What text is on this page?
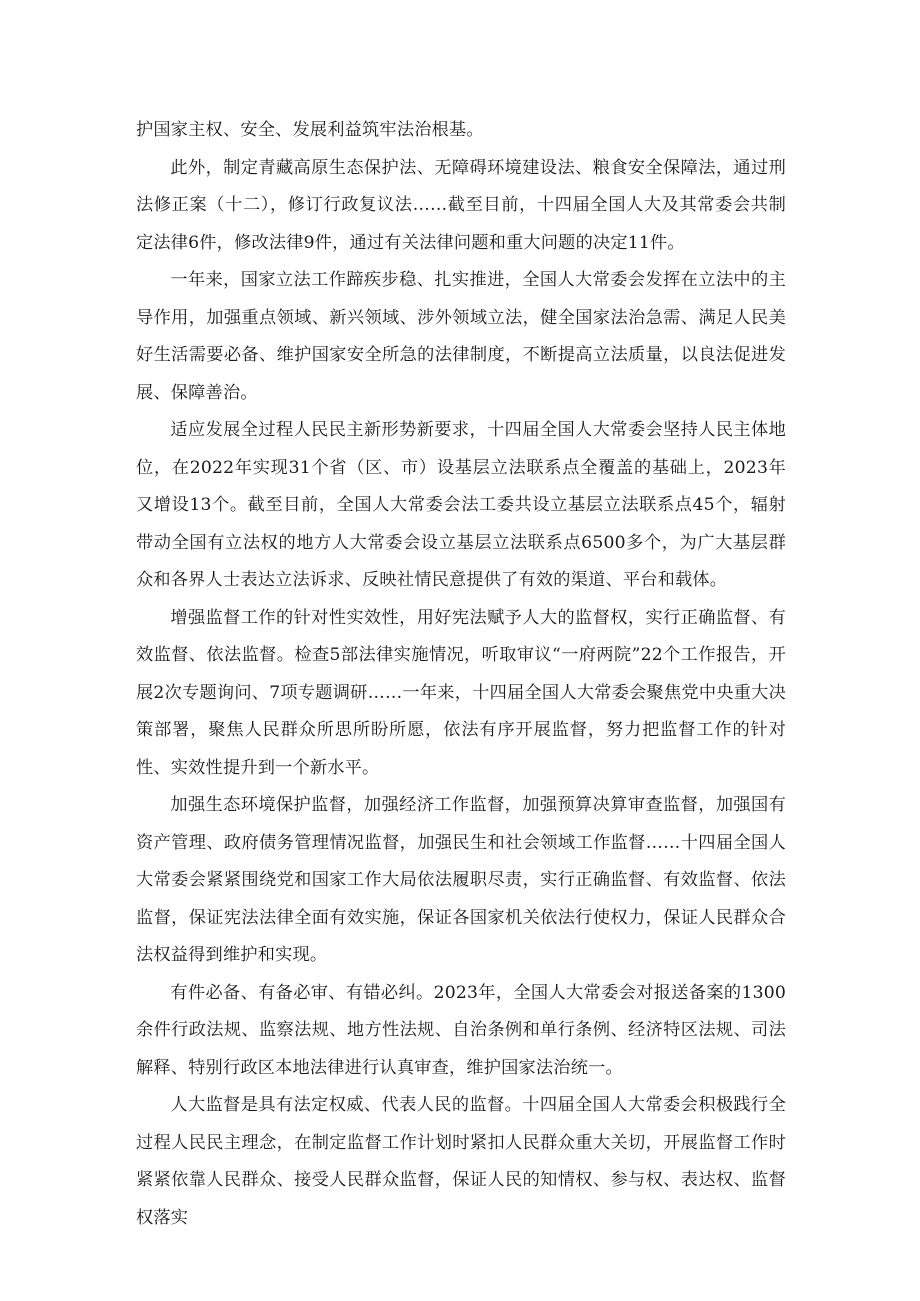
护国家主权、安全、发展利益筑牢法治根基。

此外，制定青藏高原生态保护法、无障碍环境建设法、粮食安全保障法，通过刑法修正案（十二），修订行政复议法……截至目前，十四届全国人大及其常委会共制定法律6件，修改法律9件，通过有关法律问题和重大问题的决定11件。

一年来，国家立法工作蹄疾步稳、扎实推进，全国人大常委会发挥在立法中的主导作用，加强重点领域、新兴领域、涉外领域立法，健全国家法治急需、满足人民美好生活需要必备、维护国家安全所急的法律制度，不断提高立法质量，以良法促进发展、保障善治。

适应发展全过程人民民主新形势新要求，十四届全国人大常委会坚持人民主体地位，在2022年实现31个省（区、市）设基层立法联系点全覆盖的基础上，2023年又增设13个。截至目前，全国人大常委会法工委共设立基层立法联系点45个，辐射带动全国有立法权的地方人大常委会设立基层立法联系点6500多个，为广大基层群众和各界人士表达立法诉求、反映社情民意提供了有效的渠道、平台和载体。

增强监督工作的针对性实效性，用好宪法赋予人大的监督权，实行正确监督、有效监督、依法监督。检查5部法律实施情况，听取审议“一府两院”22个工作报告，开展2次专题询问、7项专题调研……一年来，十四届全国人大常委会聚焦党中央重大决策部署，聚焦人民群众所思所盼所愿，依法有序开展监督，努力把监督工作的针对性、实效性提升到一个新水平。

加强生态环境保护监督，加强经济工作监督，加强预算决算审查监督，加强国有资产管理、政府债务管理情况监督，加强民生和社会领域工作监督……十四届全国人大常委会紧紧围绕党和国家工作大局依法履职尽责，实行正确监督、有效监督、依法监督，保证宪法法律全面有效实施，保证各国家机关依法行使权力，保证人民群众合法权益得到维护和实现。

有件必备、有备必审、有错必纠。2023年，全国人大常委会对报送备案的1300余件行政法规、监察法规、地方性法规、自治条例和单行条例、经济特区法规、司法解释、特别行政区本地法律进行认真审查，维护国家法治统一。

人大监督是具有法定权威、代表人民的监督。十四届全国人大常委会积极践行全过程人民民主理念，在制定监督工作计划时紧扣人民群众重大关切，开展监督工作时紧紧依靠人民群众、接受人民群众监督，保证人民的知情权、参与权、表达权、监督权落实
